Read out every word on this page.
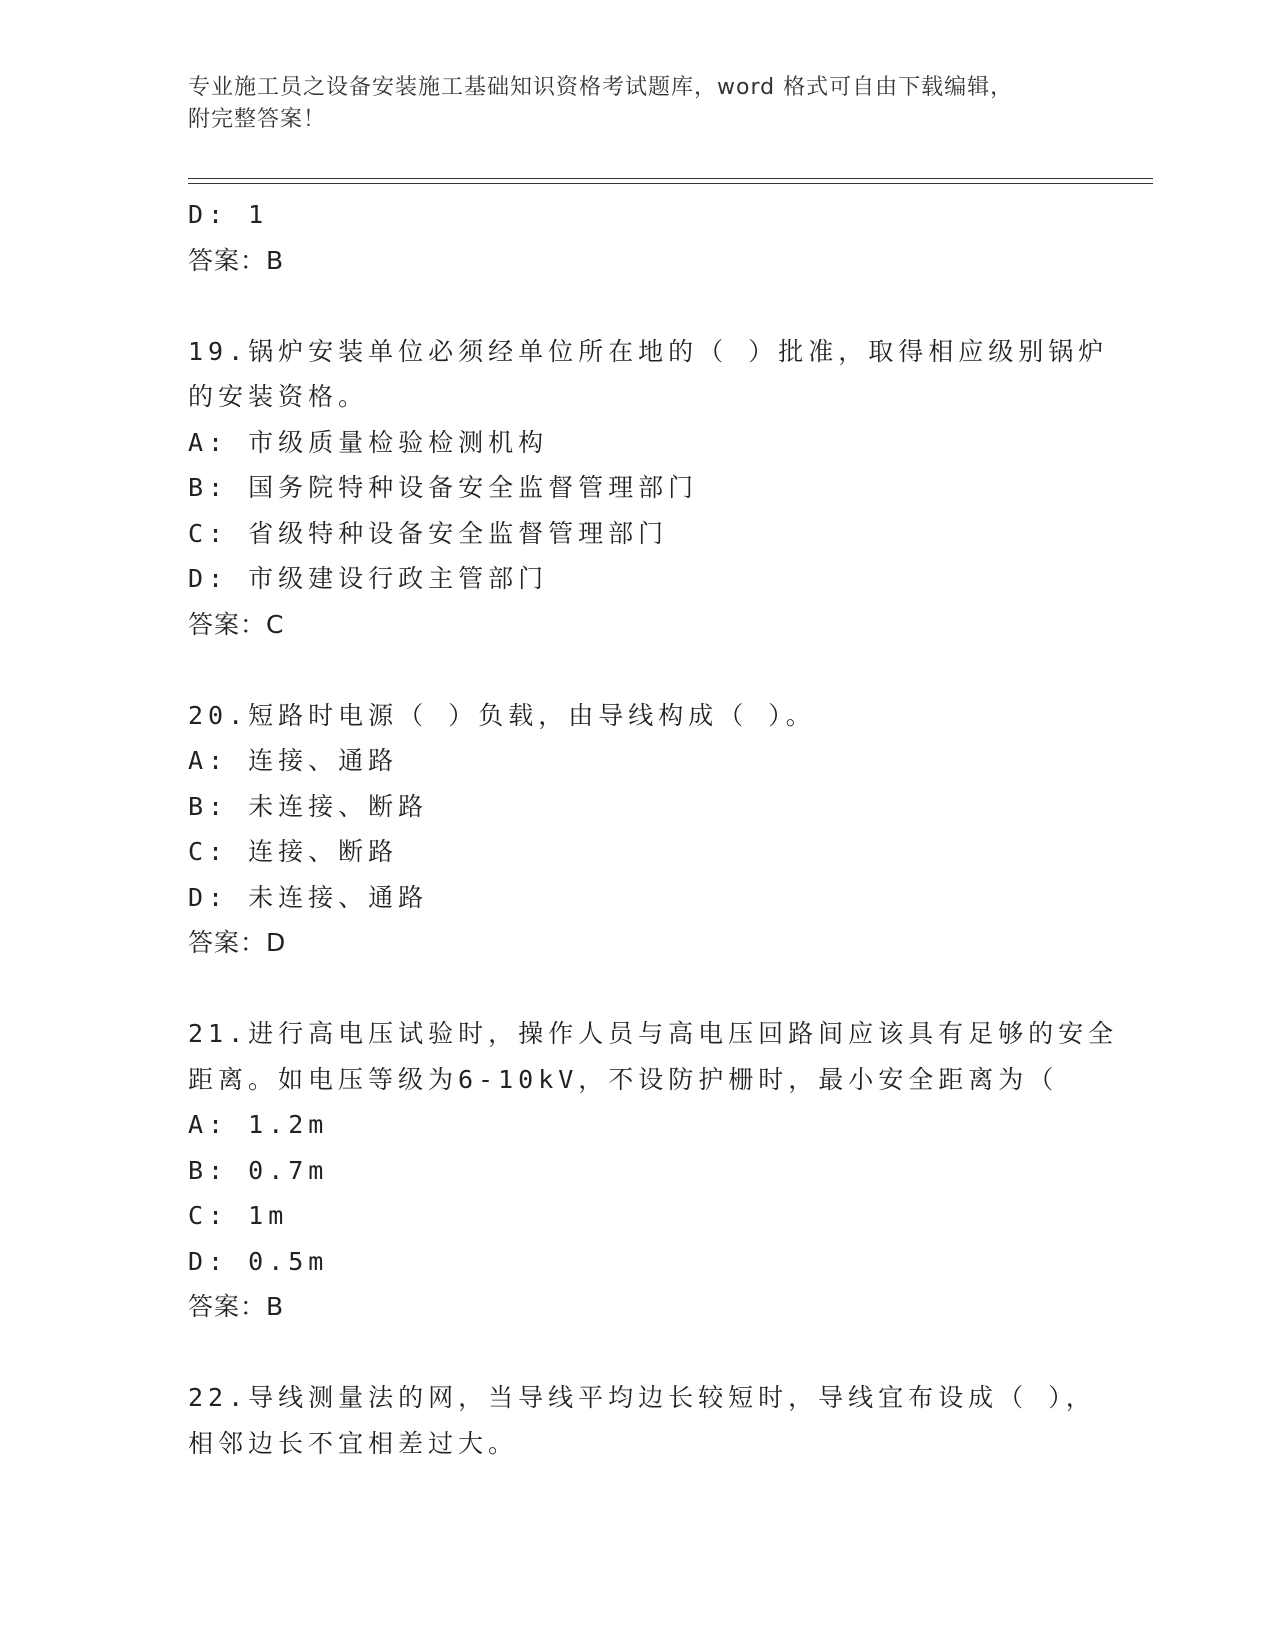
专业施工员之设备安装施工基础知识资格考试题库，word 格式可自由下载编辑，
附完整答案！
D: 1
答案：B
19.锅炉安装单位必须经单位所在地的（ ）批准，取得相应级别锅炉
的安装资格。
A: 市级质量检验检测机构
B: 国务院特种设备安全监督管理部门
C: 省级特种设备安全监督管理部门
D: 市级建设行政主管部门
答案：C
20.短路时电源（ ）负载，由导线构成（ ）。
A: 连接、通路
B: 未连接、断路
C: 连接、断路
D: 未连接、通路
答案：D
21.进行高电压试验时，操作人员与高电压回路间应该具有足够的安全
距离。如电压等级为6-10kV，不设防护栅时，最小安全距离为（
A: 1.2m
B: 0.7m
C: 1m
D: 0.5m
答案：B
22.导线测量法的网，当导线平均边长较短时，导线宜布设成（ ），
相邻边长不宜相差过大。
